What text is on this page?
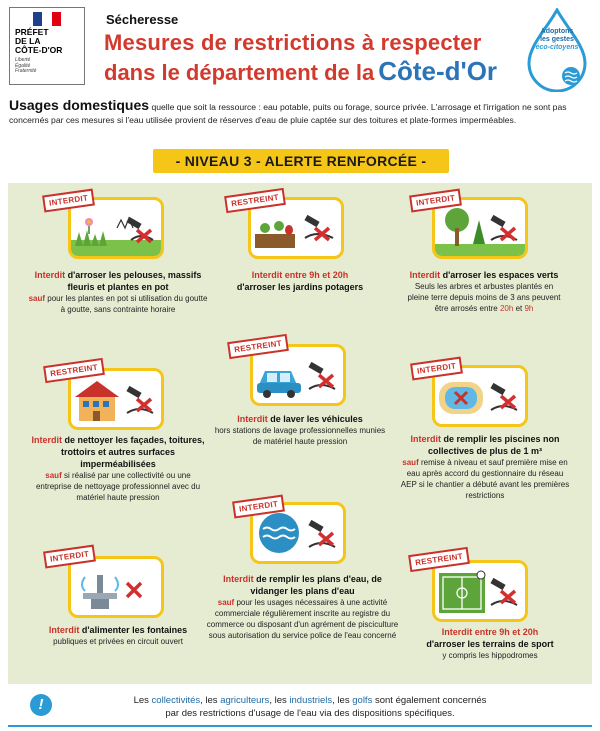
PRÉFET
DE LA
CÔTE-D'OR
Liberté
Égalité
Fraternité
Sécheresse
Mesures de restrictions à respecter
dans le département de la Côte-d'Or
Adoptons
les gestes
éco-citoyens
Usages domestiques quelle que soit la ressource : eau potable, puits ou forage, source privée. L'arrosage et l'irrigation ne sont pas concernés par ces mesures si l'eau utilisée provient de réserves d'eau de pluie captée sur des toitures et plate-formes imperméables.
- NIVEAU 3 - ALERTE RENFORCÉE -
INTERDIT
Interdit d'arroser les pelouses, massifs fleuris et plantes en pot
sauf pour les plantes en pot si utilisation du goutte à goutte, sans contrainte horaire
RESTREINT
Interdit entre 9h et 20h
d'arroser les jardins potagers
INTERDIT
Interdit d'arroser les espaces verts
Seuls les arbres et arbustes plantés en pleine terre depuis moins de 3 ans peuvent être arrosés entre 20h et 9h
RESTREINT
Interdit de nettoyer les façades, toitures, trottoirs et autres surfaces imperméabilisées
sauf si réalisé par une collectivité ou une entreprise de nettoyage professionnel avec du matériel haute pression
RESTREINT
Interdit de laver les véhicules
hors stations de lavage professionnelles munies de matériel haute pression
INTERDIT
Interdit de remplir les piscines non collectives de plus de 1 m³
sauf remise à niveau et sauf première mise en eau après accord du gestionnaire du réseau AEP si le chantier a débuté avant les premières restrictions
INTERDIT
Interdit d'alimenter les fontaines
publiques et privées en circuit ouvert
INTERDIT
Interdit de remplir les plans d'eau, de vidanger les plans d'eau
sauf pour les usages nécessaires à une activité commerciale régulièrement inscrite au registre du commerce ou disposant d'un agrément de pisciculture sous autorisation du service police de l'eau concerné
RESTREINT
Interdit entre 9h et 20h
d'arroser les terrains de sport
y compris les hippodromes
!	Les collectivités, les agriculteurs, les industriels, les golfs sont également concernés
par des restrictions d'usage de l'eau via des dispositions spécifiques.
